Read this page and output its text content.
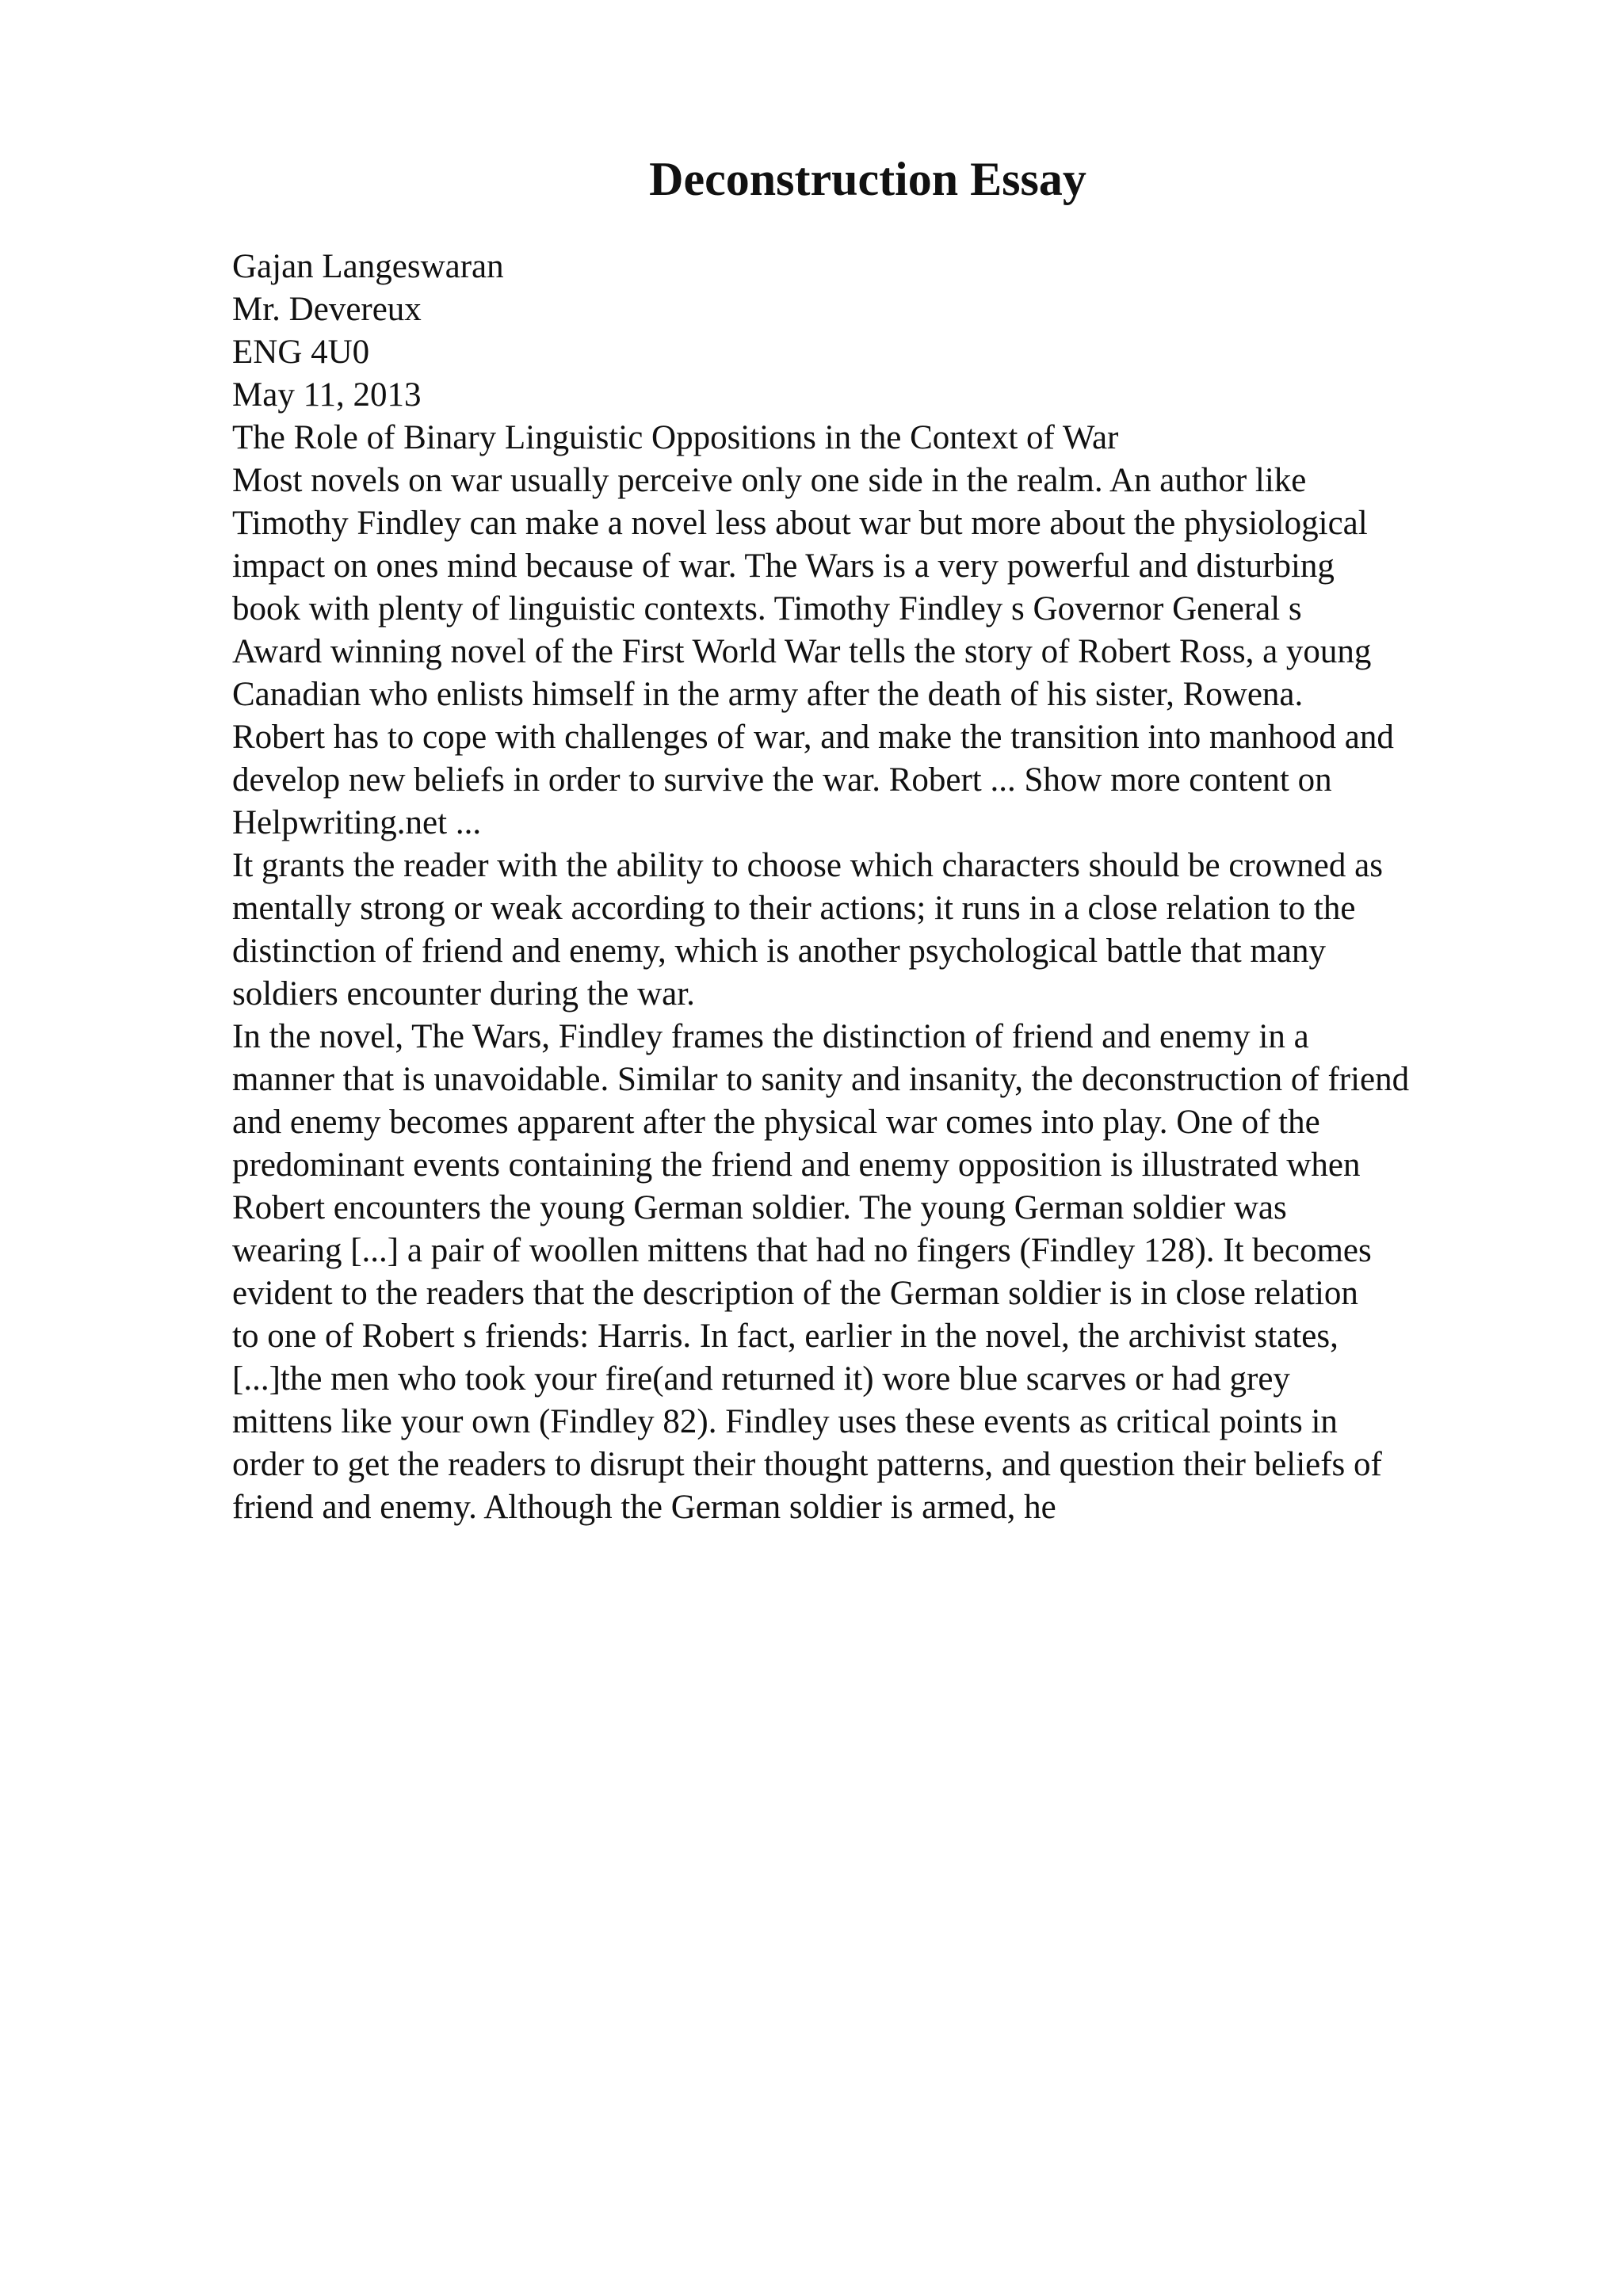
Deconstruction Essay
Gajan Langeswaran
Mr. Devereux
ENG 4U0
May 11, 2013
The Role of Binary Linguistic Oppositions in the Context of War
Most novels on war usually perceive only one side in the realm. An author like
Timothy Findley can make a novel less about war but more about the physiological
impact on ones mind because of war. The Wars is a very powerful and disturbing
book with plenty of linguistic contexts. Timothy Findley s Governor General s
Award winning novel of the First World War tells the story of Robert Ross, a young
Canadian who enlists himself in the army after the death of his sister, Rowena.
Robert has to cope with challenges of war, and make the transition into manhood and
develop new beliefs in order to survive the war. Robert ... Show more content on
Helpwriting.net ...
It grants the reader with the ability to choose which characters should be crowned as
mentally strong or weak according to their actions; it runs in a close relation to the
distinction of friend and enemy, which is another psychological battle that many
soldiers encounter during the war.
In the novel, The Wars, Findley frames the distinction of friend and enemy in a
manner that is unavoidable. Similar to sanity and insanity, the deconstruction of friend
and enemy becomes apparent after the physical war comes into play. One of the
predominant events containing the friend and enemy opposition is illustrated when
Robert encounters the young German soldier. The young German soldier was
wearing [...] a pair of woollen mittens that had no fingers (Findley 128). It becomes
evident to the readers that the description of the German soldier is in close relation
to one of Robert s friends: Harris. In fact, earlier in the novel, the archivist states,
[...]the men who took your fire(and returned it) wore blue scarves or had grey
mittens like your own (Findley 82). Findley uses these events as critical points in
order to get the readers to disrupt their thought patterns, and question their beliefs of
friend and enemy. Although the German soldier is armed, he
